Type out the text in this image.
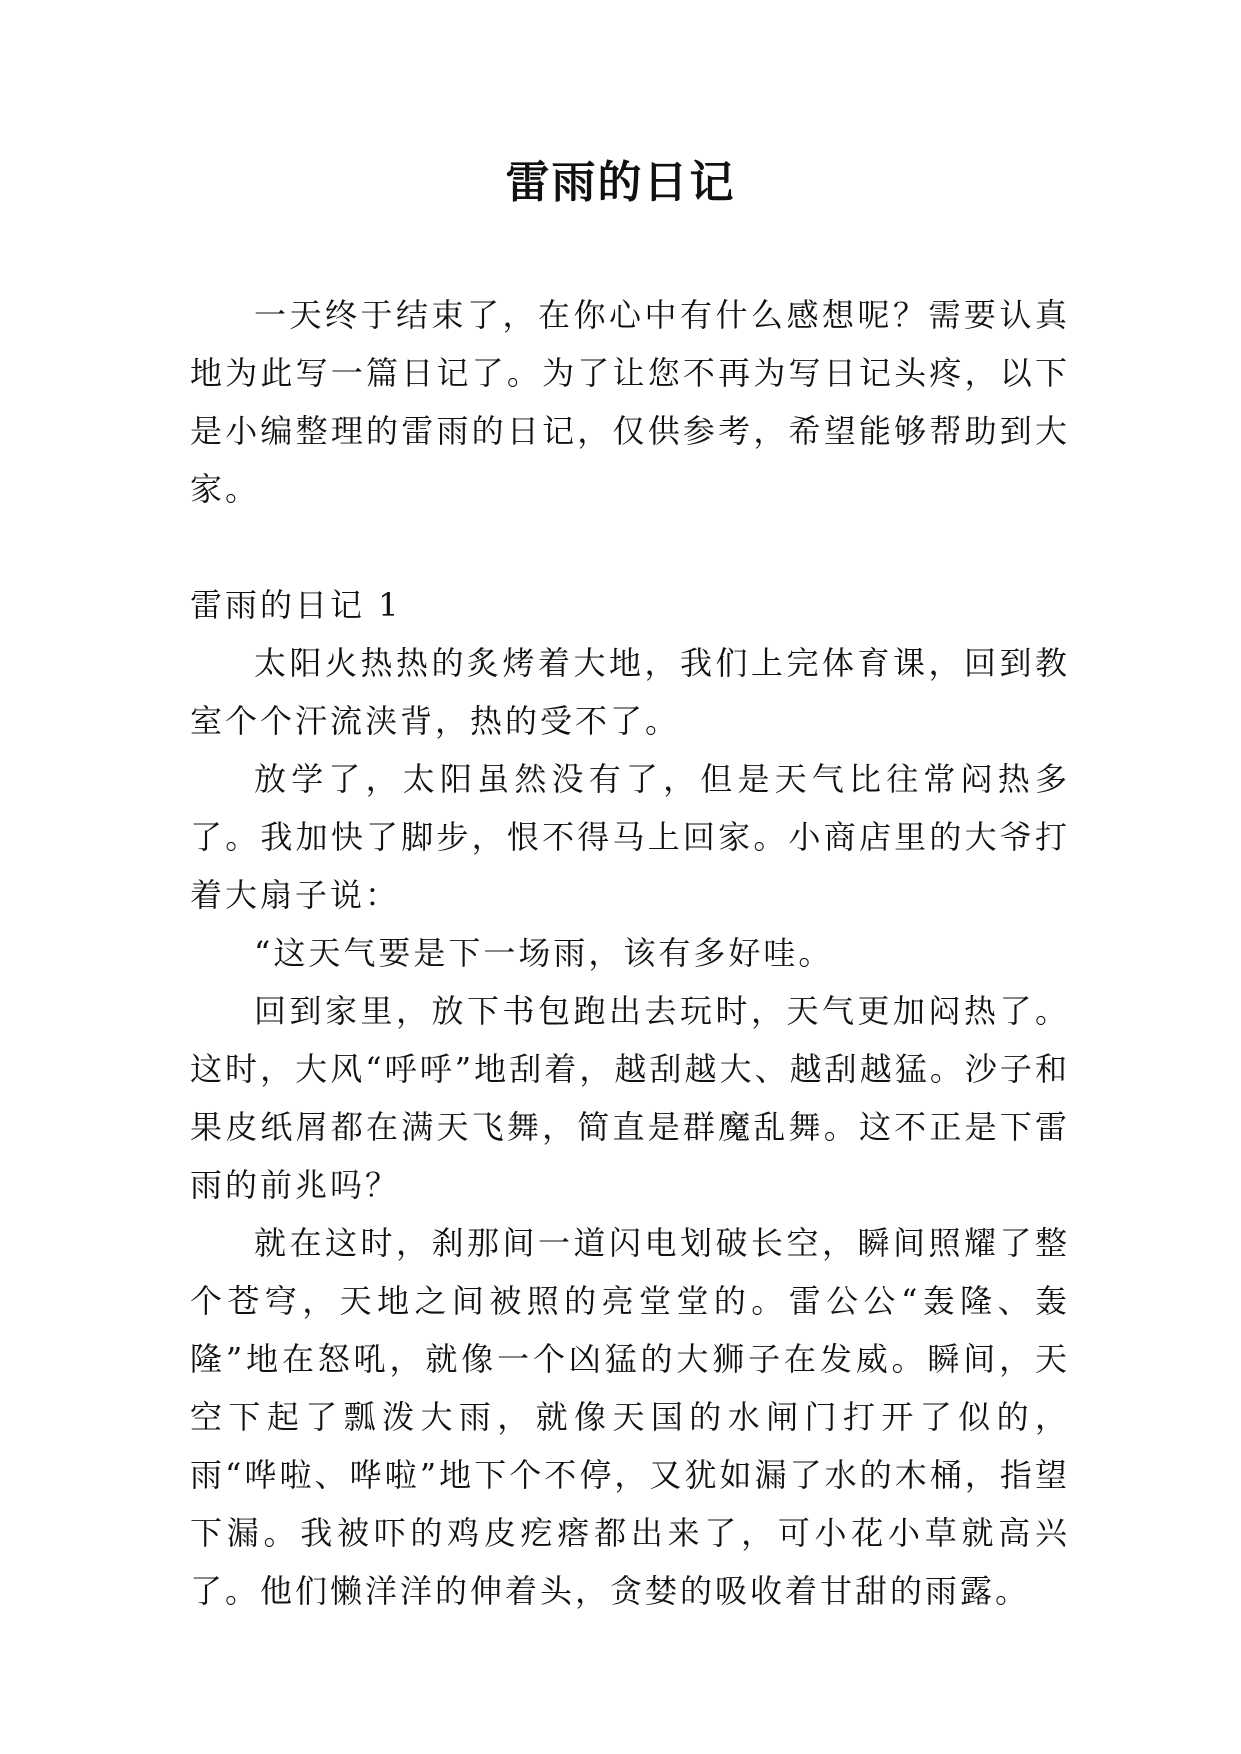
雷雨的日记

一天终于结束了，在你心中有什么感想呢？需要认真地为此写一篇日记了。为了让您不再为写日记头疼，以下是小编整理的雷雨的日记，仅供参考，希望能够帮助到大家。

雷雨的日记 1

太阳火热热的炙烤着大地，我们上完体育课，回到教室个个汗流浃背，热的受不了。

放学了，太阳虽然没有了，但是天气比往常闷热多了。我加快了脚步，恨不得马上回家。小商店里的大爷打着大扇子说：

“这天气要是下一场雨，该有多好哇。

回到家里，放下书包跑出去玩时，天气更加闷热了。这时，大风“呼呼”地刮着，越刮越大、越刮越猛。沙子和果皮纸屑都在满天飞舞，简直是群魔乱舞。这不正是下雷雨的前兆吗？

就在这时，刹那间一道闪电划破长空，瞬间照耀了整个苍穹，天地之间被照的亮堂堂的。雷公公“轰隆、轰隆”地在怒吼，就像一个凶猛的大狮子在发威。瞬间，天空下起了瓢泼大雨，就像天国的水闸门打开了似的，雨“哗啦、哗啦”地下个不停，又犹如漏了水的木桶，指望下漏。我被吓的鸡皮疙瘩都出来了，可小花小草就高兴了。他们懒洋洋的伸着头，贪婪的吸收着甘甜的雨露。
